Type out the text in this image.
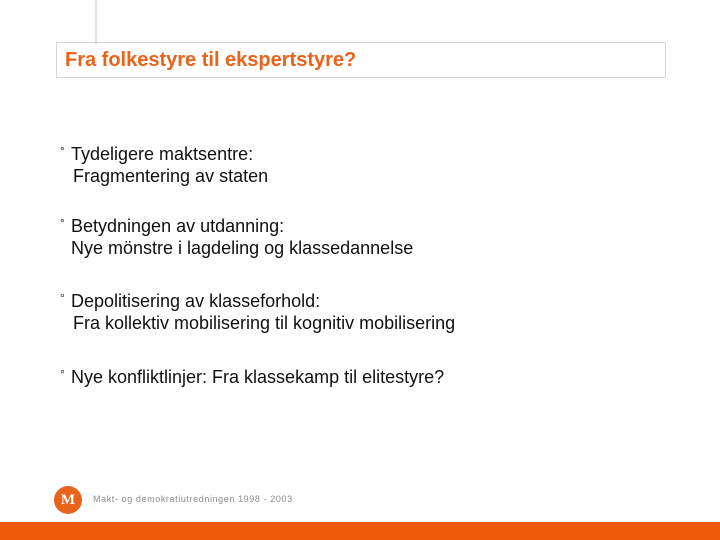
Fra folkestyre til ekspertstyre?
° Tydeligere maktsentre:
Fragmentering av staten
° Betydningen av utdanning:
Nye mönstre i lagdeling og klassedannelse
° Depolitisering av klasseforhold:
Fra kollektiv mobilisering til kognitiv mobilisering
° Nye konfliktlinjer: Fra klassekamp til elitestyre?
M Makt- og demokratiutredningen 1998 - 2003
